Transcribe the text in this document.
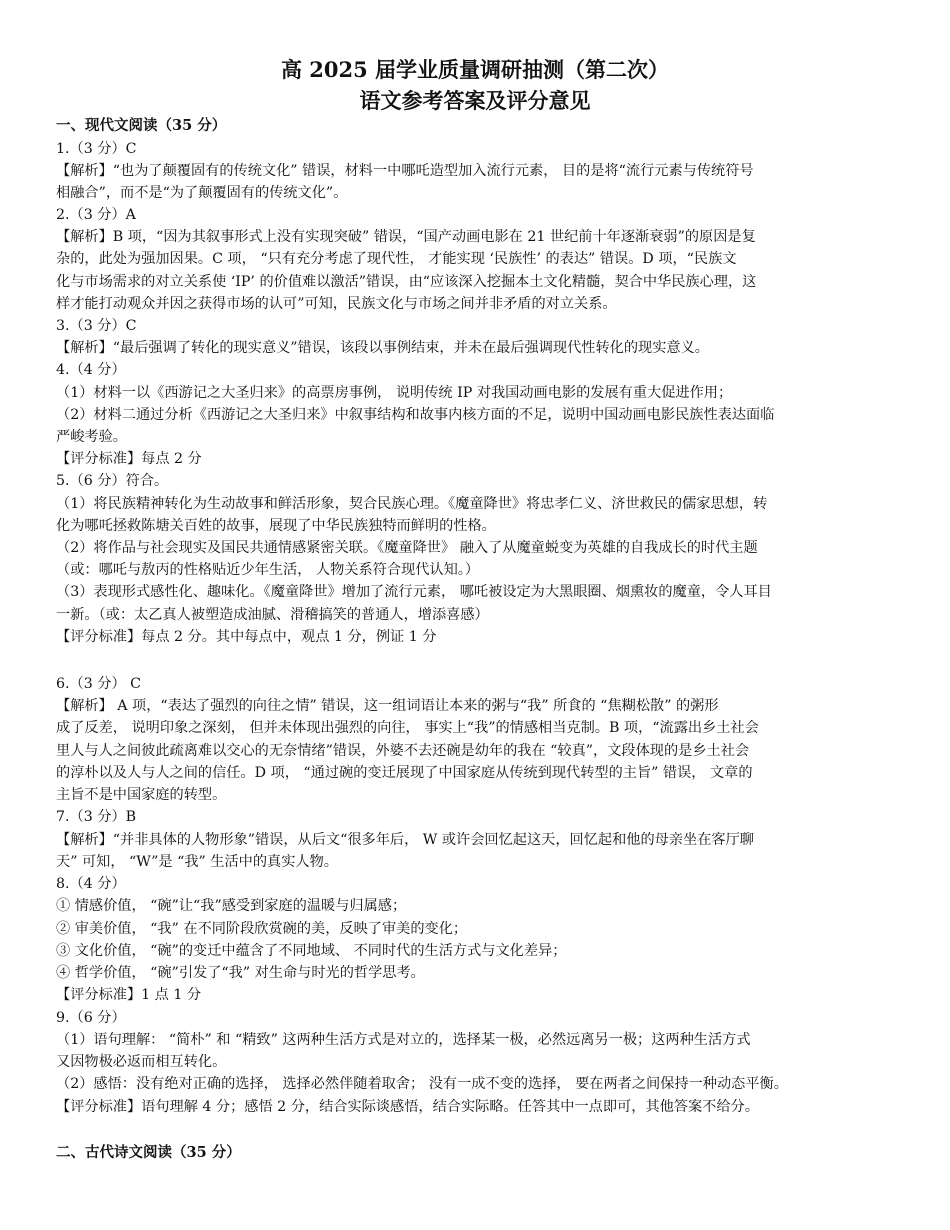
高 2025 届学业质量调研抽测（第二次）
语文参考答案及评分意见
一、现代文阅读（35 分）
1.（3 分）C
【解析】“也为了颠覆固有的传统文化” 错误，材料一中哪吒造型加入流行元素， 目的是将“流行元素与传统符号
相融合”，而不是“为了颠覆固有的传统文化”。
2.（3 分）A
【解析】B 项，“因为其叙事形式上没有实现突破” 错误，“国产动画电影在 21 世纪前十年逐渐衰弱”的原因是复
杂的，此处为强加因果。C 项， “只有充分考虑了现代性， 才能实现 ‘民族性’ 的表达” 错误。D 项，“民族文
化与市场需求的对立关系使 ‘IP’ 的价值难以激活”错误，由“应该深入挖掘本土文化精髓，契合中华民族心理，这
样才能打动观众并因之获得市场的认可”可知，民族文化与市场之间并非矛盾的对立关系。
3.（3 分）C
【解析】“最后强调了转化的现实意义”错误，该段以事例结束，并未在最后强调现代性转化的现实意义。
4.（4 分）
（1）材料一以《西游记之大圣归来》的高票房事例， 说明传统 IP 对我国动画电影的发展有重大促进作用；
（2）材料二通过分析《西游记之大圣归来》中叙事结构和故事内核方面的不足，说明中国动画电影民族性表达面临
严峻考验。
【评分标准】每点 2 分
5.（6 分）符合。
（1）将民族精神转化为生动故事和鲜活形象，契合民族心理。《魔童降世》将忠孝仁义、济世救民的儒家思想，转
化为哪吒拯救陈塘关百姓的故事，展现了中华民族独特而鲜明的性格。
（2）将作品与社会现实及国民共通情感紧密关联。《魔童降世》 融入了从魔童蜕变为英雄的自我成长的时代主题
（或：哪吒与敖丙的性格贴近少年生活， 人物关系符合现代认知。）
（3）表现形式感性化、趣味化。《魔童降世》增加了流行元素， 哪吒被设定为大黑眼圈、烟熏妆的魔童，令人耳目
一新。（或：太乙真人被塑造成油腻、滑稽搞笑的普通人，增添喜感）
【评分标准】每点 2 分。其中每点中，观点 1 分，例证 1 分
6.（3 分） C
【解析】 A 项，“表达了强烈的向往之情” 错误，这一组词语让本来的粥与“我” 所食的 “焦糊松散” 的粥形
成了反差， 说明印象之深刻， 但并未体现出强烈的向往， 事实上“我”的情感相当克制。B 项，“流露出乡土社会
里人与人之间彼此疏离难以交心的无奈情绪”错误，外婆不去还碗是幼年的我在 “较真”，文段体现的是乡土社会
的淳朴以及人与人之间的信任。D 项， “通过碗的变迁展现了中国家庭从传统到现代转型的主旨” 错误， 文章的
主旨不是中国家庭的转型。
7.（3 分）B
【解析】“并非具体的人物形象”错误，从后文“很多年后， W 或许会回忆起这天，回忆起和他的母亲坐在客厅聊
天” 可知， “W”是 “我” 生活中的真实人物。
8.（4 分）
① 情感价值， “碗”让“我”感受到家庭的温暖与归属感；
② 审美价值， “我” 在不同阶段欣赏碗的美，反映了审美的变化；
③ 文化价值， “碗”的变迁中蕴含了不同地域、 不同时代的生活方式与文化差异；
④ 哲学价值， “碗”引发了“我” 对生命与时光的哲学思考。
【评分标准】1 点 1 分
9.（6 分）
（1）语句理解： “简朴” 和 “精致” 这两种生活方式是对立的，选择某一极，必然远离另一极；这两种生活方式
又因物极必返而相互转化。
（2）感悟：没有绝对正确的选择， 选择必然伴随着取舍； 没有一成不变的选择， 要在两者之间保持一种动态平衡。
【评分标准】语句理解 4 分；感悟 2 分，结合实际谈感悟，结合实际略。任答其中一点即可，其他答案不给分。
二、古代诗文阅读（35 分）
